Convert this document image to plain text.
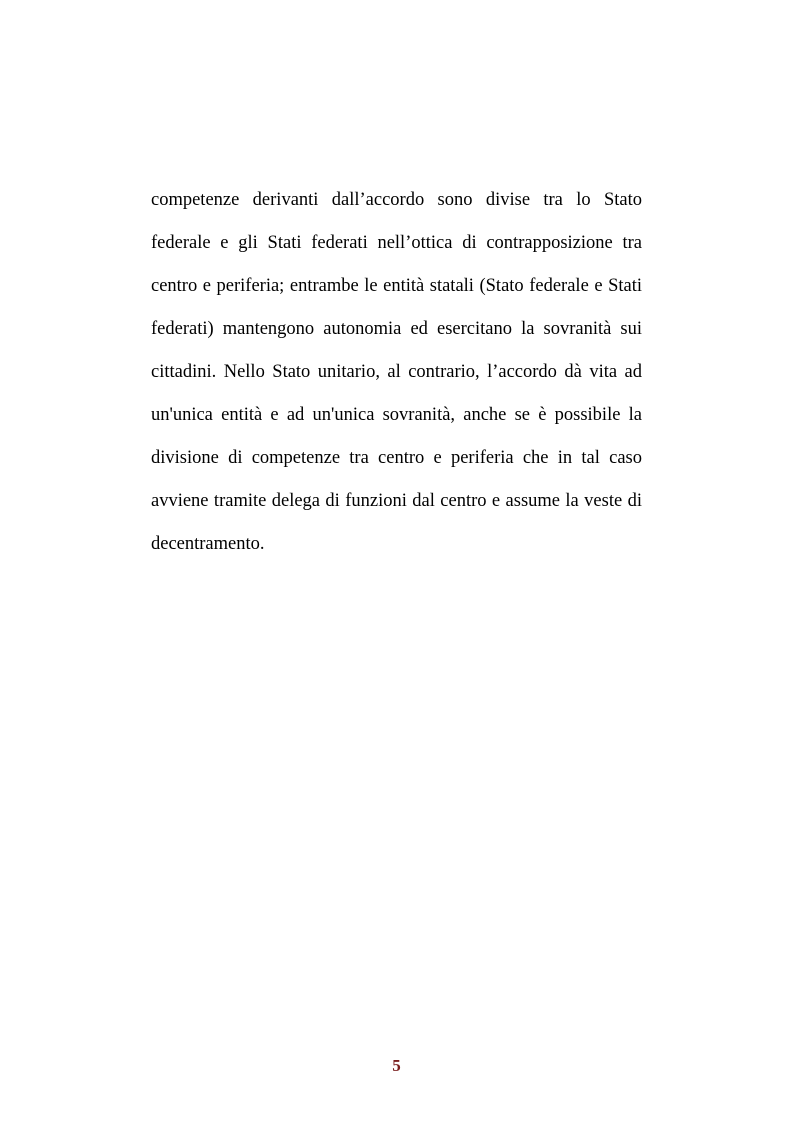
competenze derivanti dall’accordo sono divise tra lo Stato
federale e gli Stati federati nell’ottica di contrapposizione tra
centro e periferia; entrambe le entità statali (Stato federale e Stati
federati) mantengono autonomia ed esercitano la sovranità sui
cittadini. Nello Stato unitario, al contrario, l’accordo dà vita ad
un'unica entità e ad un'unica sovranità, anche se è possibile la
divisione di competenze tra centro e periferia che in tal caso
avviene tramite delega di funzioni dal centro e assume la veste di
decentramento.
5
